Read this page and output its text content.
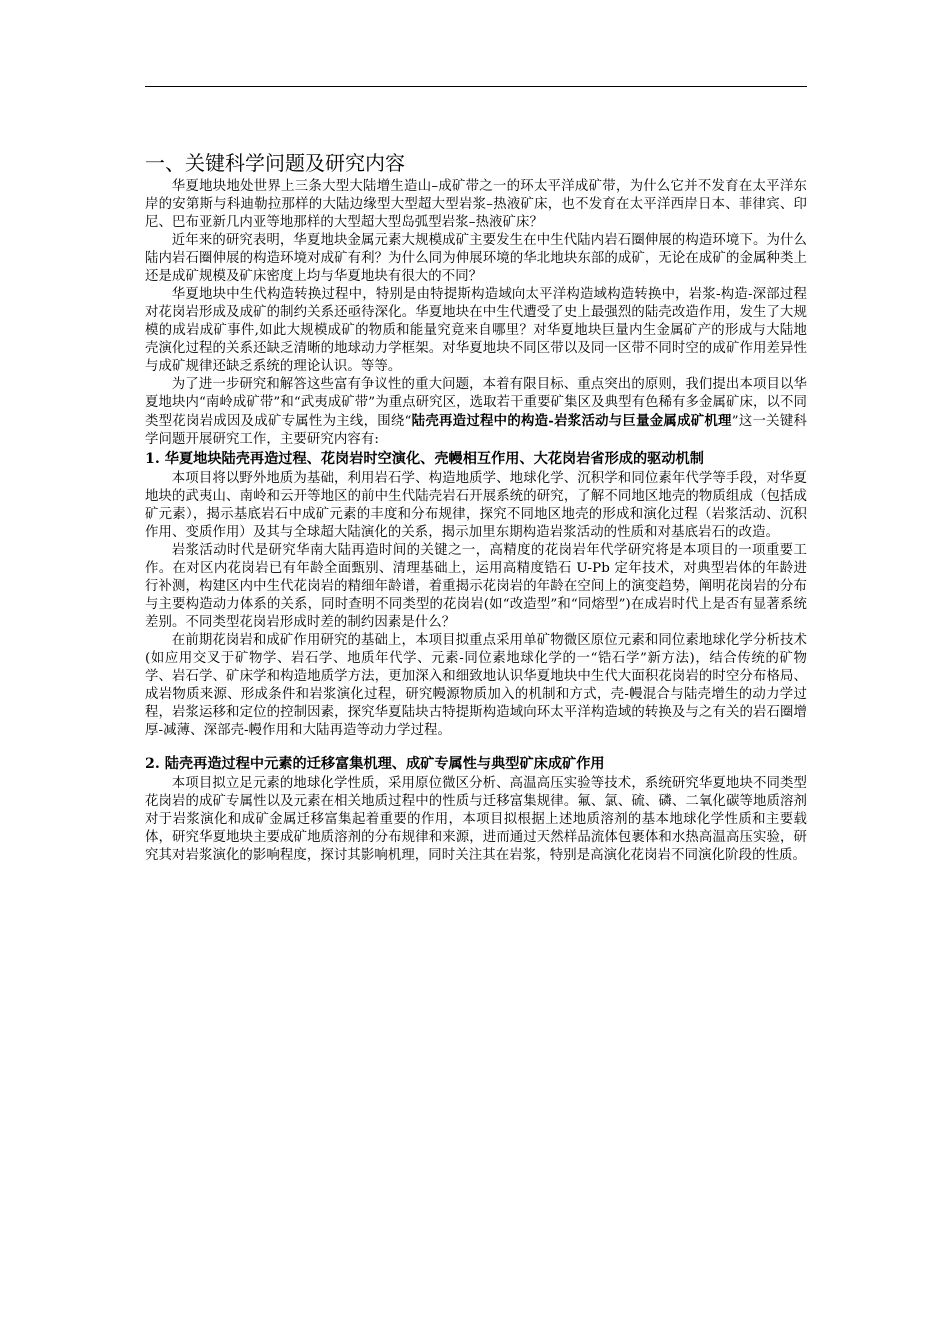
一、关键科学问题及研究内容

华夏地块地处世界上三条大型大陆增生造山–成矿带之一的环太平洋成矿带，为什么它并不发育在太平洋东岸的安第斯与科迪勒拉那样的大陆边缘型大型超大型岩浆–热液矿床，也不发育在太平洋西岸日本、菲律宾、印尼、巴布亚新几内亚等地那样的大型超大型岛弧型岩浆–热液矿床？

近年来的研究表明，华夏地块金属元素大规模成矿主要发生在中生代陆内岩石圈伸展的构造环境下。为什么陆内岩石圈伸展的构造环境对成矿有利？为什么同为伸展环境的华北地块东部的成矿，无论在成矿的金属种类上还是成矿规模及矿床密度上均与华夏地块有很大的不同？

华夏地块中生代构造转换过程中，特别是由特提斯构造域向太平洋构造域构造转换中，岩浆-构造-深部过程对花岗岩形成及成矿的制约关系还亟待深化。华夏地块在中生代遭受了史上最强烈的陆壳改造作用，发生了大规模的成岩成矿事件,如此大规模成矿的物质和能量究竟来自哪里？对华夏地块巨量内生金属矿产的形成与大陆地壳演化过程的关系还缺乏清晰的地球动力学框架。对华夏地块不同区带以及同一区带不同时空的成矿作用差异性与成矿规律还缺乏系统的理论认识。等等。

为了进一步研究和解答这些富有争议性的重大问题，本着有限目标、重点突出的原则，我们提出本项目以华夏地块内“南岭成矿带”和“武夷成矿带”为重点研究区，选取若干重要矿集区及典型有色稀有多金属矿床，以不同类型花岗岩成因及成矿专属性为主线，围绕“陆壳再造过程中的构造-岩浆活动与巨量金属成矿机理”这一关键科学问题开展研究工作，主要研究内容有:

1. 华夏地块陆壳再造过程、花岗岩时空演化、壳幔相互作用、大花岗岩省形成的驱动机制

本项目将以野外地质为基础，利用岩石学、构造地质学、地球化学、沉积学和同位素年代学等手段，对华夏地块的武夷山、南岭和云开等地区的前中生代陆壳岩石开展系统的研究，了解不同地区地壳的物质组成（包括成矿元素），揭示基底岩石中成矿元素的丰度和分布规律，探究不同地区地壳的形成和演化过程（岩浆活动、沉积作用、变质作用）及其与全球超大陆演化的关系，揭示加里东期构造岩浆活动的性质和对基底岩石的改造。

岩浆活动时代是研究华南大陆再造时间的关键之一，高精度的花岗岩年代学研究将是本项目的一项重要工作。在对区内花岗岩已有年龄全面甄别、清理基础上，运用高精度锆石 U-Pb 定年技术，对典型岩体的年龄进行补测，构建区内中生代花岗岩的精细年龄谱，着重揭示花岗岩的年龄在空间上的演变趋势，阐明花岗岩的分布与主要构造动力体系的关系，同时查明不同类型的花岗岩(如“改造型”和“同熔型”)在成岩时代上是否有显著系统差别。不同类型花岗岩形成时差的制约因素是什么？

在前期花岗岩和成矿作用研究的基础上，本项目拟重点采用单矿物微区原位元素和同位素地球化学分析技术(如应用交叉于矿物学、岩石学、地质年代学、元素-同位素地球化学的一“锆石学”新方法)，结合传统的矿物学、岩石学、矿床学和构造地质学方法，更加深入和细致地认识华夏地块中生代大面积花岗岩的时空分布格局、成岩物质来源、形成条件和岩浆演化过程，研究幔源物质加入的机制和方式，壳-幔混合与陆壳增生的动力学过程，岩浆运移和定位的控制因素，探究华夏陆块古特提斯构造域向环太平洋构造域的转换及与之有关的岩石圈增厚-减薄、深部壳-幔作用和大陆再造等动力学过程。

2. 陆壳再造过程中元素的迁移富集机理、成矿专属性与典型矿床成矿作用

本项目拟立足元素的地球化学性质，采用原位微区分析、高温高压实验等技术，系统研究华夏地块不同类型花岗岩的成矿专属性以及元素在相关地质过程中的性质与迁移富集规律。氟、氯、硫、磷、二氧化碳等地质溶剂对于岩浆演化和成矿金属迁移富集起着重要的作用，本项目拟根据上述地质溶剂的基本地球化学性质和主要载体，研究华夏地块主要成矿地质溶剂的分布规律和来源，进而通过天然样品流体包裹体和水热高温高压实验，研究其对岩浆演化的影响程度，探讨其影响机理，同时关注其在岩浆，特别是高演化花岗岩不同演化阶段的性质。
